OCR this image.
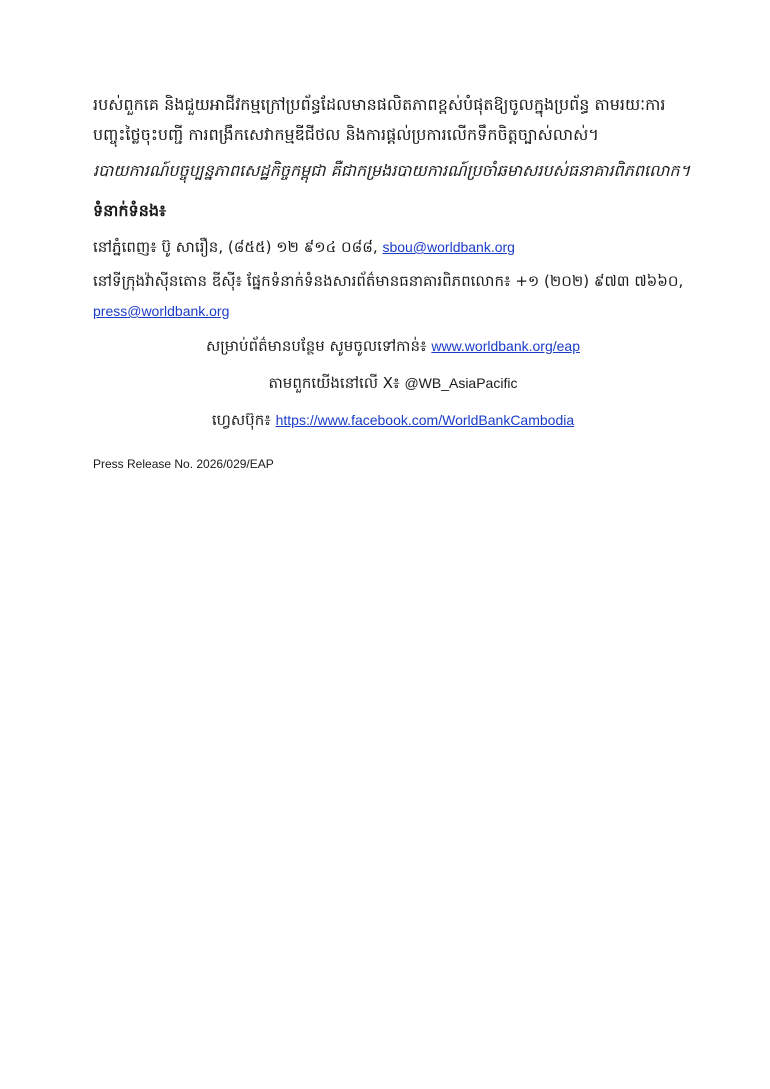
របស់ពួកគេ និងជួយអាជីវកម្មក្រៅប្រព័ន្ធដែលមានផលិតភាពខ្ពស់បំផុតឱ្យចូលក្នុងប្រព័ន្ធ តាមរយៈការបញ្ចុះថ្លៃចុះបញ្ជី ការពង្រឹកសេវាកម្មឌីជីថល និងការផ្តល់ប្រការលើកទឹកចិត្តច្បាស់លាស់។

របាយការណ៍បច្ចុប្បន្នភាពសេដ្ឋកិច្ចកម្ពុជា គឺជាកម្រងរបាយការណ៍ប្រចាំឆមាសរបស់ធនាគារពិភពលោក។

ទំនាក់ទំនង៖
នៅភ្នំពេញ៖ ប៊ូ សារឿន, (៨៥៥) ១២ ៩១៤ ០៨៨, sbou@worldbank.org
នៅទីក្រុងវ៉ាស៊ីនតោន ឌីស៊ី៖ ផ្នែកទំនាក់ទំនងសារព័ត៌មានធនាគារពិភពលោក៖ +១ (២០២) ៩៧៣ ៧៦៦០, press@worldbank.org
សម្រាប់ព័ត៌មានបន្ថែម សូមចូលទៅកាន់៖ www.worldbank.org/eap
តាមពួកយើងនៅលើ X៖ @WB_AsiaPacific
ហ្វេសប៊ុក៖ https://www.facebook.com/WorldBankCambodia
Press Release No. 2026/029/EAP
